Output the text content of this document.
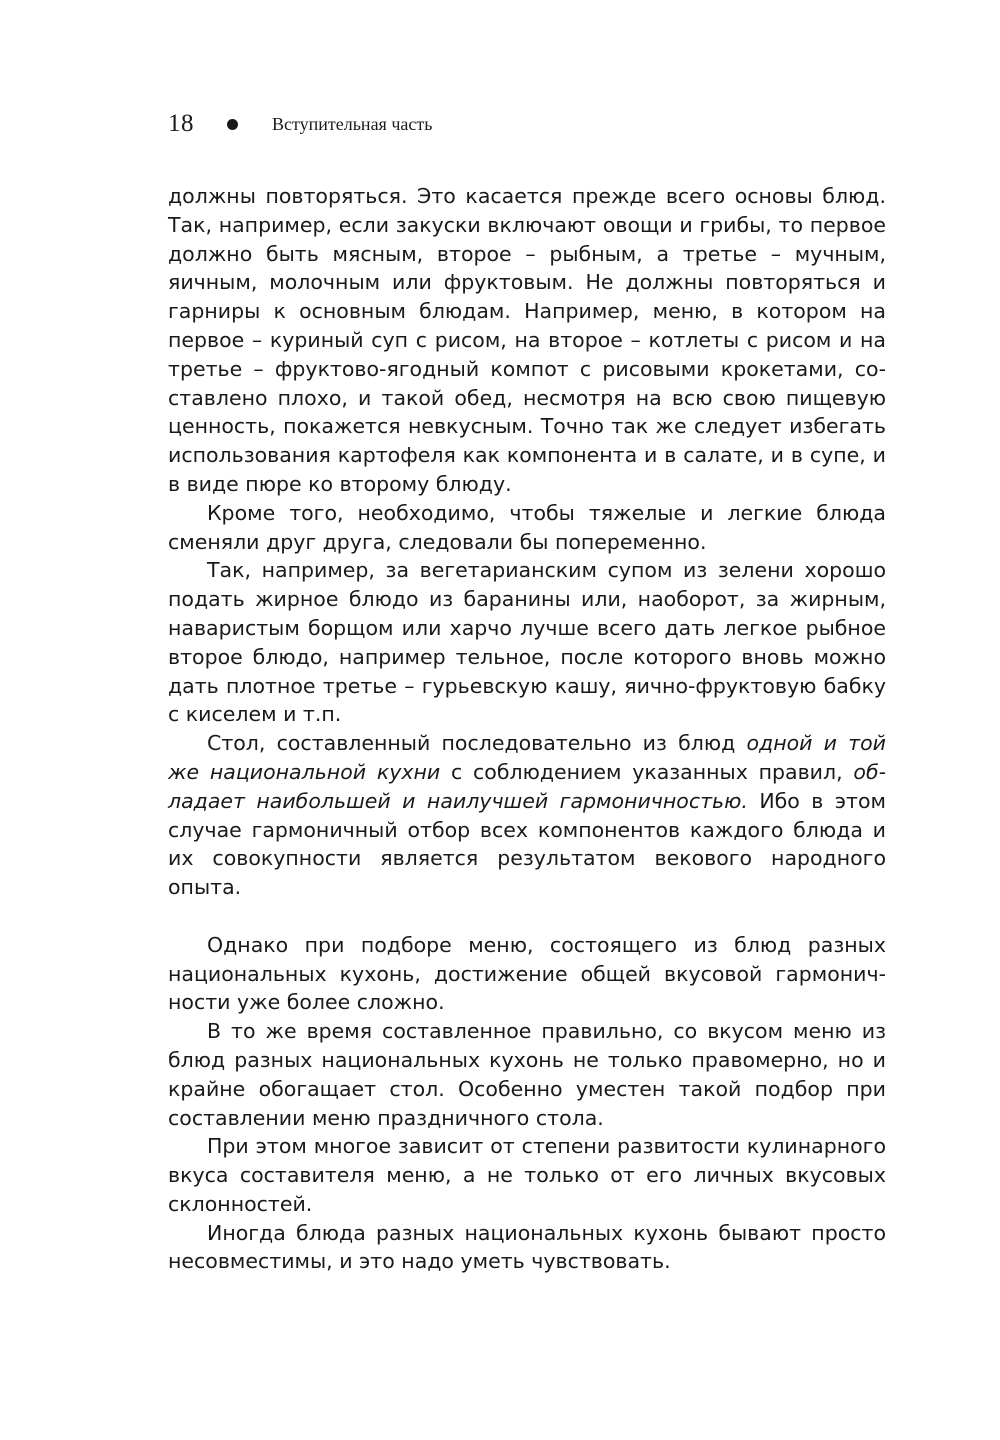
18	Вступительная часть

должны повторяться. Это касается прежде всего основы блюд. Так, например, если закуски включают овощи и грибы, то первое должно быть мясным, второе – рыбным, а третье – мучным, яичным, молочным или фруктовым. Не должны повторяться и гарниры к основным блюдам. Например, меню, в котором на первое – куриный суп с рисом, на второе – котлеты с рисом и на третье – фруктово-ягодный компот с рисовыми крокетами, составлено плохо, и такой обед, несмотря на всю свою пищевую ценность, покажется невкусным. Точно так же следует избегать использования картофеля как компонента и в салате, и в супе, и в виде пюре ко второму блюду.

Кроме того, необходимо, чтобы тяжелые и легкие блюда сменяли друг друга, следовали бы попеременно.

Так, например, за вегетарианским супом из зелени хорошо подать жирное блюдо из баранины или, наоборот, за жирным, наваристым борщом или харчо лучше всего дать легкое рыбное второе блюдо, например тельное, после которого вновь можно дать плотное третье – гурьевскую кашу, яично-фруктовую бабку с киселем и т.п.

Стол, составленный последовательно из блюд одной и той же национальной кухни с соблюдением указанных правил, обладает наибольшей и наилучшей гармоничностью. Ибо в этом случае гармоничный отбор всех компонентов каждого блюда и их совокупности является результатом векового народного опыта.

Однако при подборе меню, состоящего из блюд разных национальных кухонь, достижение общей вкусовой гармоничности уже более сложно.

В то же время составленное правильно, со вкусом меню из блюд разных национальных кухонь не только правомерно, но и крайне обогащает стол. Особенно уместен такой подбор при составлении меню праздничного стола.

При этом многое зависит от степени развитости кулинарного вкуса составителя меню, а не только от его личных вкусовых склонностей.

Иногда блюда разных национальных кухонь бывают просто несовместимы, и это надо уметь чувствовать.
